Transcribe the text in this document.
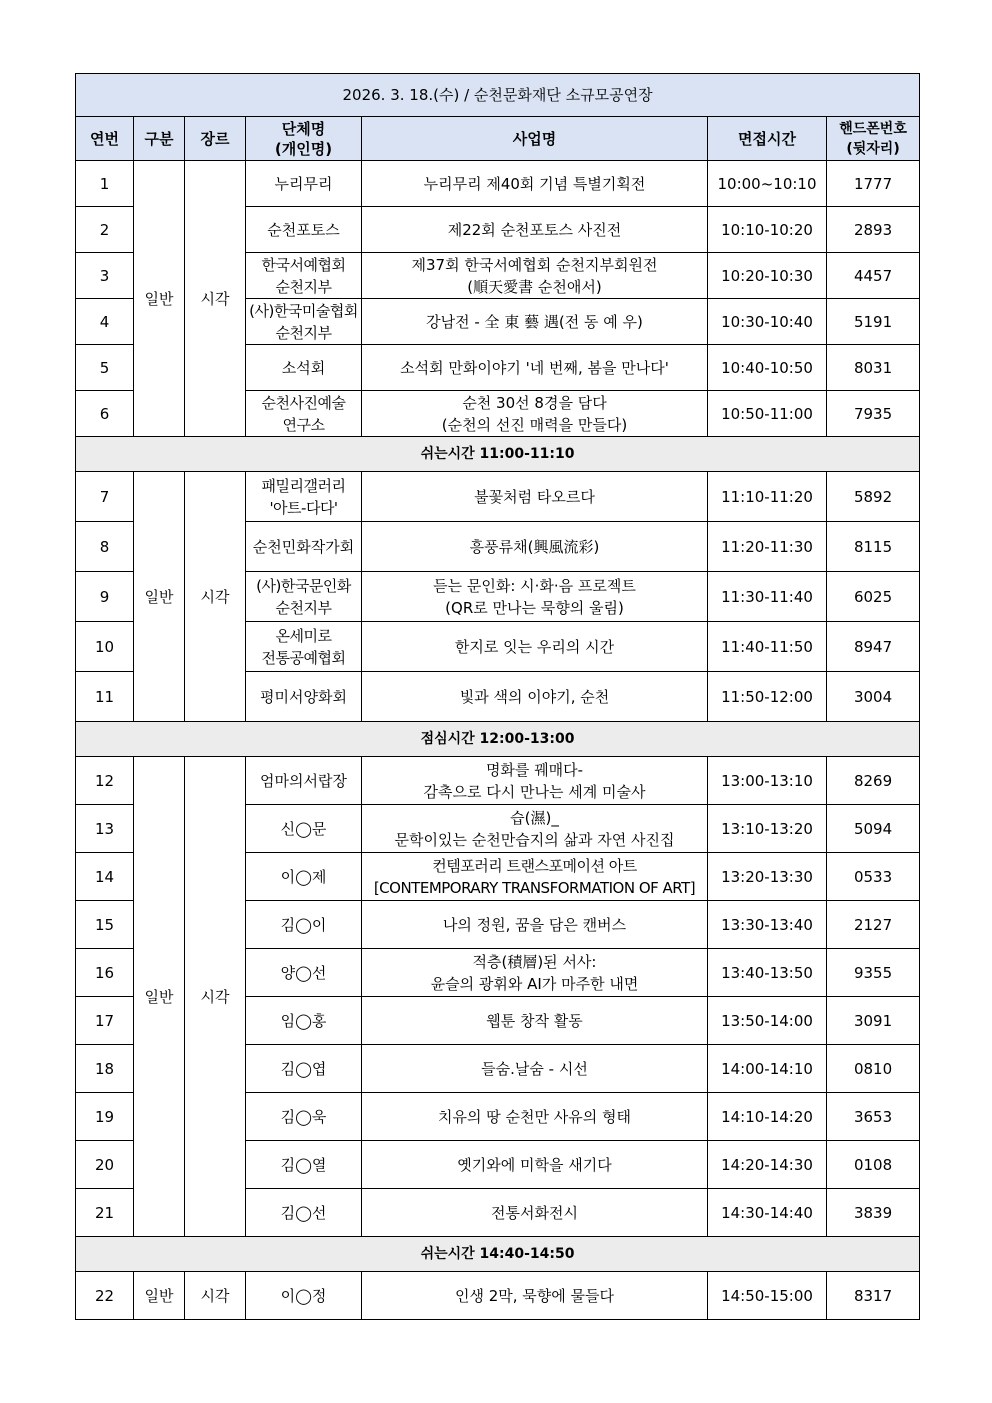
2026. 3. 18.(수) / 순천문화재단 소규모공연장						
연번	구분	장르	단체명
(개인명)	사업명	면접시간	핸드폰번호
(뒷자리)

1	일반	시각	누리무리	누리무리 제40회 기념 특별기획전	10:00~10:10	1777
2			순천포토스	제22회 순천포토스 사진전	10:10-10:20	2893
3			한국서예협회
순천지부	제37회 한국서예협회 순천지부회원전
(順天愛書 순천애서)	10:20-10:30	4457
4			(사)한국미술협회
순천지부	강남전 - 全 東 藝 遇(전 동 예 우)	10:30-10:40	5191
5			소석회	소석회 만화이야기 '네 번째, 봄을 만나다'	10:40-10:50	8031
6			순천사진예술
연구소	순천 30선 8경을 담다
(순천의 선진 매력을 만들다)	10:50-11:00	7935
쉬는시간 11:00-11:10						
7	일반	시각	패밀리갤러리
'아트-다다'	불꽃처럼 타오르다	11:10-11:20	5892
8			순천민화작가회	흥풍류채(興風流彩)	11:20-11:30	8115
9			(사)한국문인화
순천지부	듣는 문인화: 시·화·음 프로젝트
(QR로 만나는 묵향의 울림)	11:30-11:40	6025
10			온세미로
전통공예협회	한지로 잇는 우리의 시간	11:40-11:50	8947
11			평미서양화회	빛과 색의 이야기, 순천	11:50-12:00	3004
점심시간 12:00-13:00						
12	일반	시각	엄마의서랍장	명화를 꿰매다-
감촉으로 다시 만나는 세계 미술사	13:00-13:10	8269
13			신◯문	습(濕)_
문학이있는 순천만습지의 삶과 자연 사진집	13:10-13:20	5094
14			이◯제	컨템포러리 트랜스포메이션 아트
[CONTEMPORARY TRANSFORMATION OF ART]	13:20-13:30	0533
15			김◯이	나의 정원, 꿈을 담은 캔버스	13:30-13:40	2127
16			양◯선	적층(積層)된 서사:
윤슬의 광휘와 AI가 마주한 내면	13:40-13:50	9355
17			임◯홍	웹툰 창작 활동	13:50-14:00	3091
18			김◯엽	들숨.날숨 - 시선	14:00-14:10	0810
19			김◯욱	치유의 땅 순천만 사유의 형태	14:10-14:20	3653
20			김◯열	옛기와에 미학을 새기다	14:20-14:30	0108
21			김◯선	전통서화전시	14:30-14:40	3839
쉬는시간 14:40-14:50						
22	일반	시각	이◯정	인생 2막, 묵향에 물들다	14:50-15:00	8317
